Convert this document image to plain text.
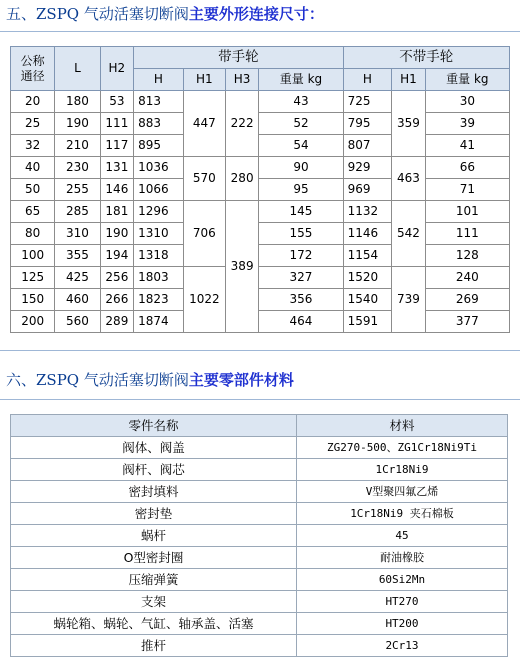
五、ZSPQ 气动活塞切断阀主要外形连接尺寸：
公称
通径	L	H2	带手轮				不带手轮		
			H	H1	H3	重量 kg	H	H1	重量 kg
20	180	53	813	447	222	43	725	359	30
25	190	111	883			52	795		39
32	210	117	895			54	807		41
40	230	131	1036	570	280	90	929	463	66
50	255	146	1066			95	969		71
65	285	181	1296	706	389	145	1132	542	101
80	310	190	1310			155	1146		111
100	355	194	1318			172	1154		128
125	425	256	1803	1022		327	1520	739	240
150	460	266	1823			356	1540		269
200	560	289	1874			464	1591		377
六、ZSPQ 气动活塞切断阀主要零部件材料
零件名称	材料
阀体、阀盖	ZG270-500、ZG1Cr18Ni9Ti
阀杆、阀芯	1Cr18Ni9
密封填料	V型聚四氟乙烯
密封垫	1Cr18Ni9 夹石棉板
蜗杆	45
O型密封圈	耐油橡胶
压缩弹簧	60Si2Mn
支架	HT270
蜗轮箱、蜗轮、气缸、轴承盖、活塞	HT200
推杆	2Cr13
